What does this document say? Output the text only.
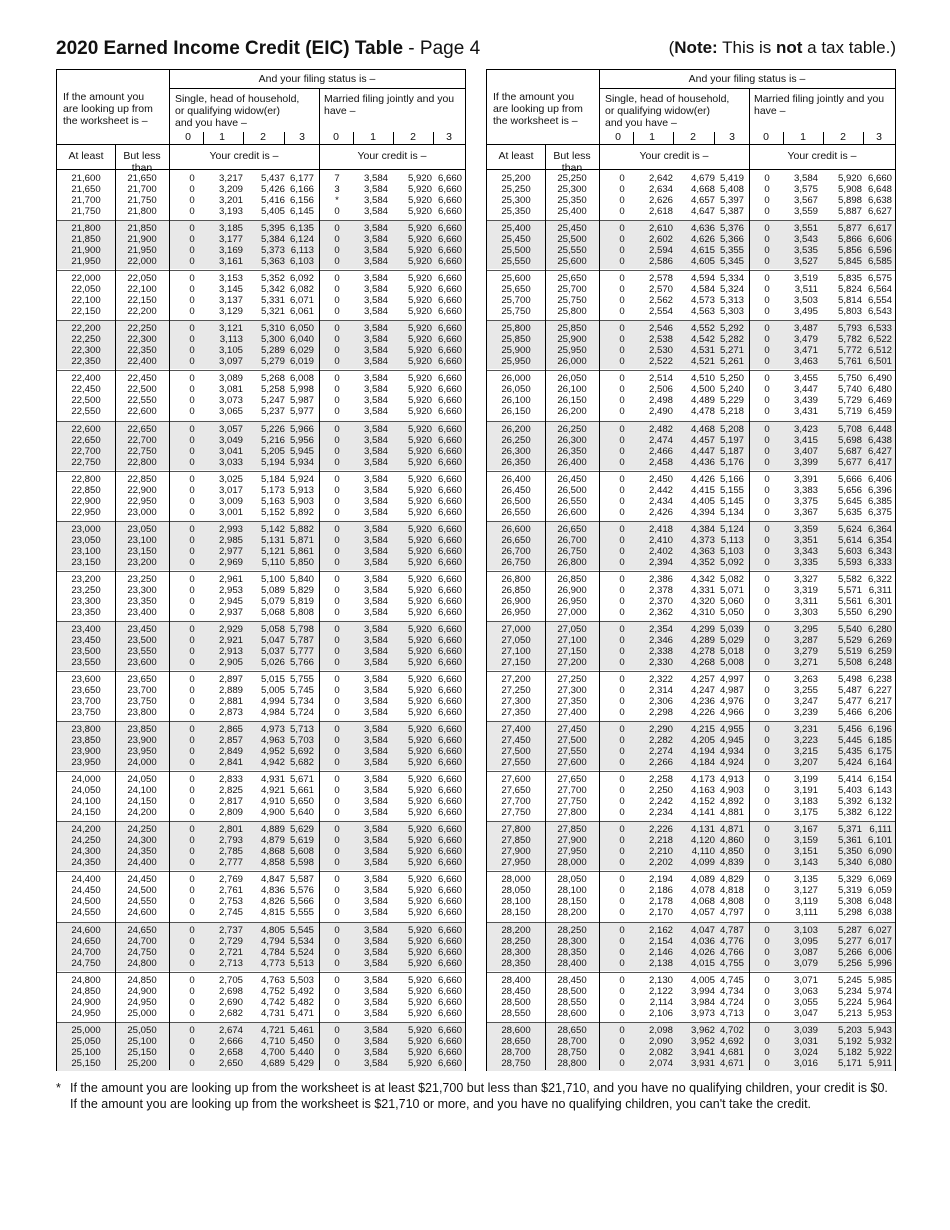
2020 Earned Income Credit (EIC) Table - Page 4	(Note: This is not a tax table.)
And your filing status is –
If the amount you
are looking up from
the worksheet is –
Single, head of household,
or qualifying widow(er)
and you have –
Married filing jointly and you
have –
0	1	2	3	0	1	2	3
At least	But less
than
Your credit is –	Your credit is –
21,600	21,650	0	3,217	5,437 6,177	7	3,584	5,920 6,660
21,650	21,700	0	3,209	5,426 6,166	3	3,584	5,920 6,660
21,700	21,750	0	3,201	5,416 6,156	*	3,584	5,920 6,660
21,750	21,800	0	3,193	5,405 6,145	0	3,584	5,920 6,660
21,800	21,850	0	3,185	5,395 6,135	0	3,584	5,920 6,660
21,850	21,900	0	3,177	5,384 6,124	0	3,584	5,920 6,660
21,900	21,950	0	3,169	5,373 6,113	0	3,584	5,920 6,660
21,950	22,000	0	3,161	5,363 6,103	0	3,584	5,920 6,660
22,000	22,050	0	3,153	5,352 6,092	0	3,584	5,920 6,660
22,050	22,100	0	3,145	5,342 6,082	0	3,584	5,920 6,660
22,100	22,150	0	3,137	5,331 6,071	0	3,584	5,920 6,660
22,150	22,200	0	3,129	5,321 6,061	0	3,584	5,920 6,660
22,200	22,250	0	3,121	5,310 6,050	0	3,584	5,920 6,660
22,250	22,300	0	3,113	5,300 6,040	0	3,584	5,920 6,660
22,300	22,350	0	3,105	5,289 6,029	0	3,584	5,920 6,660
22,350	22,400	0	3,097	5,279 6,019	0	3,584	5,920 6,660
22,400	22,450	0	3,089	5,268 6,008	0	3,584	5,920 6,660
22,450	22,500	0	3,081	5,258 5,998	0	3,584	5,920 6,660
22,500	22,550	0	3,073	5,247 5,987	0	3,584	5,920 6,660
22,550	22,600	0	3,065	5,237 5,977	0	3,584	5,920 6,660
22,600	22,650	0	3,057	5,226 5,966	0	3,584	5,920 6,660
22,650	22,700	0	3,049	5,216 5,956	0	3,584	5,920 6,660
22,700	22,750	0	3,041	5,205 5,945	0	3,584	5,920 6,660
22,750	22,800	0	3,033	5,194 5,934	0	3,584	5,920 6,660
22,800	22,850	0	3,025	5,184 5,924	0	3,584	5,920 6,660
22,850	22,900	0	3,017	5,173 5,913	0	3,584	5,920 6,660
22,900	22,950	0	3,009	5,163 5,903	0	3,584	5,920 6,660
22,950	23,000	0	3,001	5,152 5,892	0	3,584	5,920 6,660
23,000	23,050	0	2,993	5,142 5,882	0	3,584	5,920 6,660
23,050	23,100	0	2,985	5,131 5,871	0	3,584	5,920 6,660
23,100	23,150	0	2,977	5,121 5,861	0	3,584	5,920 6,660
23,150	23,200	0	2,969	5,110 5,850	0	3,584	5,920 6,660
23,200	23,250	0	2,961	5,100 5,840	0	3,584	5,920 6,660
23,250	23,300	0	2,953	5,089 5,829	0	3,584	5,920 6,660
23,300	23,350	0	2,945	5,079 5,819	0	3,584	5,920 6,660
23,350	23,400	0	2,937	5,068 5,808	0	3,584	5,920 6,660
23,400	23,450	0	2,929	5,058 5,798	0	3,584	5,920 6,660
23,450	23,500	0	2,921	5,047 5,787	0	3,584	5,920 6,660
23,500	23,550	0	2,913	5,037 5,777	0	3,584	5,920 6,660
23,550	23,600	0	2,905	5,026 5,766	0	3,584	5,920 6,660
23,600	23,650	0	2,897	5,015 5,755	0	3,584	5,920 6,660
23,650	23,700	0	2,889	5,005 5,745	0	3,584	5,920 6,660
23,700	23,750	0	2,881	4,994 5,734	0	3,584	5,920 6,660
23,750	23,800	0	2,873	4,984 5,724	0	3,584	5,920 6,660
23,800	23,850	0	2,865	4,973 5,713	0	3,584	5,920 6,660
23,850	23,900	0	2,857	4,963 5,703	0	3,584	5,920 6,660
23,900	23,950	0	2,849	4,952 5,692	0	3,584	5,920 6,660
23,950	24,000	0	2,841	4,942 5,682	0	3,584	5,920 6,660
24,000	24,050	0	2,833	4,931 5,671	0	3,584	5,920 6,660
24,050	24,100	0	2,825	4,921 5,661	0	3,584	5,920 6,660
24,100	24,150	0	2,817	4,910 5,650	0	3,584	5,920 6,660
24,150	24,200	0	2,809	4,900 5,640	0	3,584	5,920 6,660
24,200	24,250	0	2,801	4,889 5,629	0	3,584	5,920 6,660
24,250	24,300	0	2,793	4,879 5,619	0	3,584	5,920 6,660
24,300	24,350	0	2,785	4,868 5,608	0	3,584	5,920 6,660
24,350	24,400	0	2,777	4,858 5,598	0	3,584	5,920 6,660
24,400	24,450	0	2,769	4,847 5,587	0	3,584	5,920 6,660
24,450	24,500	0	2,761	4,836 5,576	0	3,584	5,920 6,660
24,500	24,550	0	2,753	4,826 5,566	0	3,584	5,920 6,660
24,550	24,600	0	2,745	4,815 5,555	0	3,584	5,920 6,660
24,600	24,650	0	2,737	4,805 5,545	0	3,584	5,920 6,660
24,650	24,700	0	2,729	4,794 5,534	0	3,584	5,920 6,660
24,700	24,750	0	2,721	4,784 5,524	0	3,584	5,920 6,660
24,750	24,800	0	2,713	4,773 5,513	0	3,584	5,920 6,660
24,800	24,850	0	2,705	4,763 5,503	0	3,584	5,920 6,660
24,850	24,900	0	2,698	4,752 5,492	0	3,584	5,920 6,660
24,900	24,950	0	2,690	4,742 5,482	0	3,584	5,920 6,660
24,950	25,000	0	2,682	4,731 5,471	0	3,584	5,920 6,660
25,000	25,050	0	2,674	4,721 5,461	0	3,584	5,920 6,660
25,050	25,100	0	2,666	4,710 5,450	0	3,584	5,920 6,660
25,100	25,150	0	2,658	4,700 5,440	0	3,584	5,920 6,660
25,150	25,200	0	2,650	4,689 5,429	0	3,584	5,920 6,660
And your filing status is –
If the amount you
are looking up from
the worksheet is –
Single, head of household,
or qualifying widow(er)
and you have –
Married filing jointly and you
have –
0	1	2	3	0	1	2	3
At least	But less
than
Your credit is –	Your credit is –
25,200	25,250	0	2,642	4,679 5,419	0	3,584	5,920 6,660
25,250	25,300	0	2,634	4,668 5,408	0	3,575	5,908 6,648
25,300	25,350	0	2,626	4,657 5,397	0	3,567	5,898 6,638
25,350	25,400	0	2,618	4,647 5,387	0	3,559	5,887 6,627
25,400	25,450	0	2,610	4,636 5,376	0	3,551	5,877 6,617
25,450	25,500	0	2,602	4,626 5,366	0	3,543	5,866 6,606
25,500	25,550	0	2,594	4,615 5,355	0	3,535	5,856 6,596
25,550	25,600	0	2,586	4,605 5,345	0	3,527	5,845 6,585
25,600	25,650	0	2,578	4,594 5,334	0	3,519	5,835 6,575
25,650	25,700	0	2,570	4,584 5,324	0	3,511	5,824 6,564
25,700	25,750	0	2,562	4,573 5,313	0	3,503	5,814 6,554
25,750	25,800	0	2,554	4,563 5,303	0	3,495	5,803 6,543
25,800	25,850	0	2,546	4,552 5,292	0	3,487	5,793 6,533
25,850	25,900	0	2,538	4,542 5,282	0	3,479	5,782 6,522
25,900	25,950	0	2,530	4,531 5,271	0	3,471	5,772 6,512
25,950	26,000	0	2,522	4,521 5,261	0	3,463	5,761 6,501
26,000	26,050	0	2,514	4,510 5,250	0	3,455	5,750 6,490
26,050	26,100	0	2,506	4,500 5,240	0	3,447	5,740 6,480
26,100	26,150	0	2,498	4,489 5,229	0	3,439	5,729 6,469
26,150	26,200	0	2,490	4,478 5,218	0	3,431	5,719 6,459
26,200	26,250	0	2,482	4,468 5,208	0	3,423	5,708 6,448
26,250	26,300	0	2,474	4,457 5,197	0	3,415	5,698 6,438
26,300	26,350	0	2,466	4,447 5,187	0	3,407	5,687 6,427
26,350	26,400	0	2,458	4,436 5,176	0	3,399	5,677 6,417
26,400	26,450	0	2,450	4,426 5,166	0	3,391	5,666 6,406
26,450	26,500	0	2,442	4,415 5,155	0	3,383	5,656 6,396
26,500	26,550	0	2,434	4,405 5,145	0	3,375	5,645 6,385
26,550	26,600	0	2,426	4,394 5,134	0	3,367	5,635 6,375
26,600	26,650	0	2,418	4,384 5,124	0	3,359	5,624 6,364
26,650	26,700	0	2,410	4,373 5,113	0	3,351	5,614 6,354
26,700	26,750	0	2,402	4,363 5,103	0	3,343	5,603 6,343
26,750	26,800	0	2,394	4,352 5,092	0	3,335	5,593 6,333
26,800	26,850	0	2,386	4,342 5,082	0	3,327	5,582 6,322
26,850	26,900	0	2,378	4,331 5,071	0	3,319	5,571 6,311
26,900	26,950	0	2,370	4,320 5,060	0	3,311	5,561 6,301
26,950	27,000	0	2,362	4,310 5,050	0	3,303	5,550 6,290
27,000	27,050	0	2,354	4,299 5,039	0	3,295	5,540 6,280
27,050	27,100	0	2,346	4,289 5,029	0	3,287	5,529 6,269
27,100	27,150	0	2,338	4,278 5,018	0	3,279	5,519 6,259
27,150	27,200	0	2,330	4,268 5,008	0	3,271	5,508 6,248
27,200	27,250	0	2,322	4,257 4,997	0	3,263	5,498 6,238
27,250	27,300	0	2,314	4,247 4,987	0	3,255	5,487 6,227
27,300	27,350	0	2,306	4,236 4,976	0	3,247	5,477 6,217
27,350	27,400	0	2,298	4,226 4,966	0	3,239	5,466 6,206
27,400	27,450	0	2,290	4,215 4,955	0	3,231	5,456 6,196
27,450	27,500	0	2,282	4,205 4,945	0	3,223	5,445 6,185
27,500	27,550	0	2,274	4,194 4,934	0	3,215	5,435 6,175
27,550	27,600	0	2,266	4,184 4,924	0	3,207	5,424 6,164
27,600	27,650	0	2,258	4,173 4,913	0	3,199	5,414 6,154
27,650	27,700	0	2,250	4,163 4,903	0	3,191	5,403 6,143
27,700	27,750	0	2,242	4,152 4,892	0	3,183	5,392 6,132
27,750	27,800	0	2,234	4,141 4,881	0	3,175	5,382 6,122
27,800	27,850	0	2,226	4,131 4,871	0	3,167	5,371 6,111
27,850	27,900	0	2,218	4,120 4,860	0	3,159	5,361 6,101
27,900	27,950	0	2,210	4,110 4,850	0	3,151	5,350 6,090
27,950	28,000	0	2,202	4,099 4,839	0	3,143	5,340 6,080
28,000	28,050	0	2,194	4,089 4,829	0	3,135	5,329 6,069
28,050	28,100	0	2,186	4,078 4,818	0	3,127	5,319 6,059
28,100	28,150	0	2,178	4,068 4,808	0	3,119	5,308 6,048
28,150	28,200	0	2,170	4,057 4,797	0	3,111	5,298 6,038
28,200	28,250	0	2,162	4,047 4,787	0	3,103	5,287 6,027
28,250	28,300	0	2,154	4,036 4,776	0	3,095	5,277 6,017
28,300	28,350	0	2,146	4,026 4,766	0	3,087	5,266 6,006
28,350	28,400	0	2,138	4,015 4,755	0	3,079	5,256 5,996
28,400	28,450	0	2,130	4,005 4,745	0	3,071	5,245 5,985
28,450	28,500	0	2,122	3,994 4,734	0	3,063	5,234 5,974
28,500	28,550	0	2,114	3,984 4,724	0	3,055	5,224 5,964
28,550	28,600	0	2,106	3,973 4,713	0	3,047	5,213 5,953
28,600	28,650	0	2,098	3,962 4,702	0	3,039	5,203 5,943
28,650	28,700	0	2,090	3,952 4,692	0	3,031	5,192 5,932
28,700	28,750	0	2,082	3,941 4,681	0	3,024	5,182 5,922
28,750	28,800	0	2,074	3,931 4,671	0	3,016	5,171 5,911
* If the amount you are looking up from the worksheet is at least $21,700 but less than $21,710, and you have no qualifying children, your credit is $0.
If the amount you are looking up from the worksheet is $21,710 or more, and you have no qualifying children, you can't take the credit.
